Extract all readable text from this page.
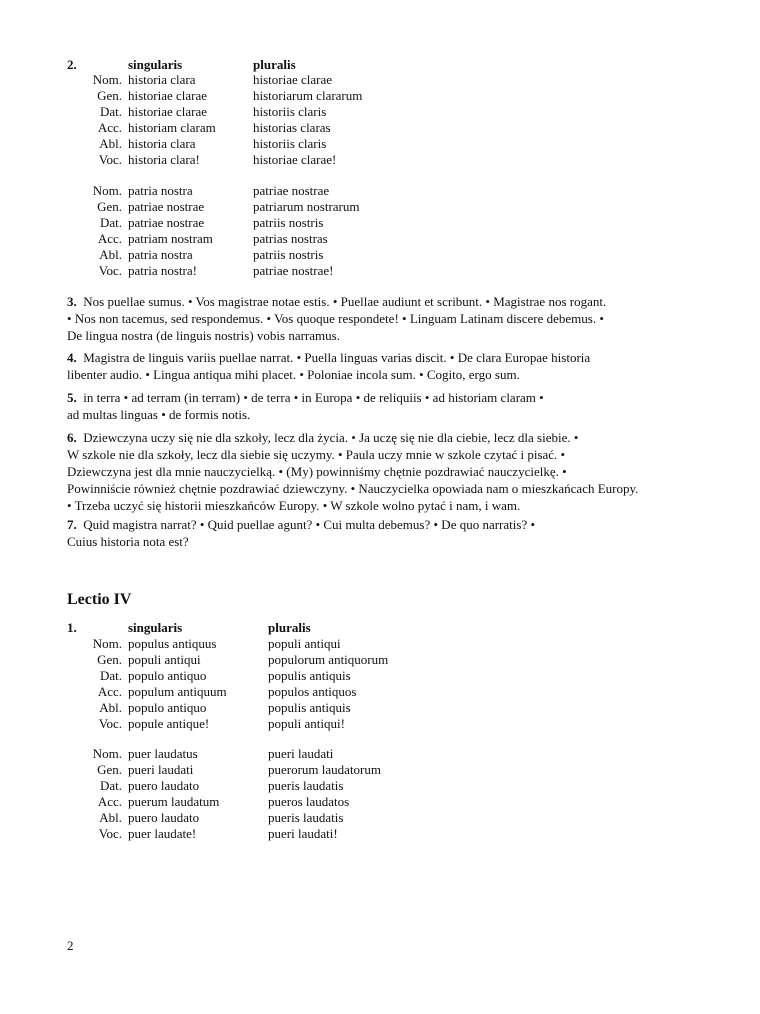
2.	singularis	pluralis
Nom. historia clara	historiae clarae
Gen. historiae clarae	historiarum clararum
Dat. historiae clarae	historiis claris
Acc. historiam claram	historias claras
Abl. historia clara	historiis claris
Voc. historia clara!	historiae clarae!
Nom. patria nostra	patriae nostrae
Gen. patriae nostrae	patriarum nostrarum
Dat. patriae nostrae	patriis nostris
Acc. patriam nostram	patrias nostras
Abl. patria nostra	patriis nostris
Voc. patria nostra!	patriae nostrae!
3. Nos puellae sumus. • Vos magistrae notae estis. • Puellae audiunt et scribunt. • Magistrae nos rogant.
• Nos non tacemus, sed respondemus. • Vos quoque respondete! • Linguam Latinam discere debemus. •
De lingua nostra (de linguis nostris) vobis narramus.
4. Magistra de linguis variis puellae narrat. • Puella linguas varias discit. • De clara Europae historia
libenter audio. • Lingua antiqua mihi placet. • Poloniae incola sum. • Cogito, ergo sum.
5. in terra • ad terram (in terram) • de terra • in Europa • de reliquiis • ad historiam claram •
ad multas linguas • de formis notis.
6. Dziewczyna uczy się nie dla szkoły, lecz dla życia. • Ja uczę się nie dla ciebie, lecz dla siebie. •
W szkole nie dla szkoły, lecz dla siebie się uczymy. • Paula uczy mnie w szkole czytać i pisać. •
Dziewczyna jest dla mnie nauczycielką. • (My) powinniśmy chętnie pozdrawiać nauczycielkę. •
Powinniście również chętnie pozdrawiać dziewczyny. • Nauczycielka opowiada nam o mieszkańcach Europy.
• Trzeba uczyć się historii mieszkańców Europy. • W szkole wolno pytać i nam, i wam.
7. Quid magistra narrat? • Quid puellae agunt? • Cui multa debemus? • De quo narratis? •
Cuius historia nota est?
Lectio IV
1.	singularis	pluralis
Nom. populus antiquus	populi antiqui
Gen. populi antiqui	populorum antiquorum
Dat. populo antiquo	populis antiquis
Acc. populum antiquum	populos antiquos
Abl. populo antiquo	populis antiquis
Voc. popule antique!	populi antiqui!
Nom. puer laudatus	pueri laudati
Gen. pueri laudati	puerorum laudatorum
Dat. puero laudato	pueris laudatis
Acc. puerum laudatum	pueros laudatos
Abl. puero laudato	pueris laudatis
Voc. puer laudate!	pueri laudati!
2
